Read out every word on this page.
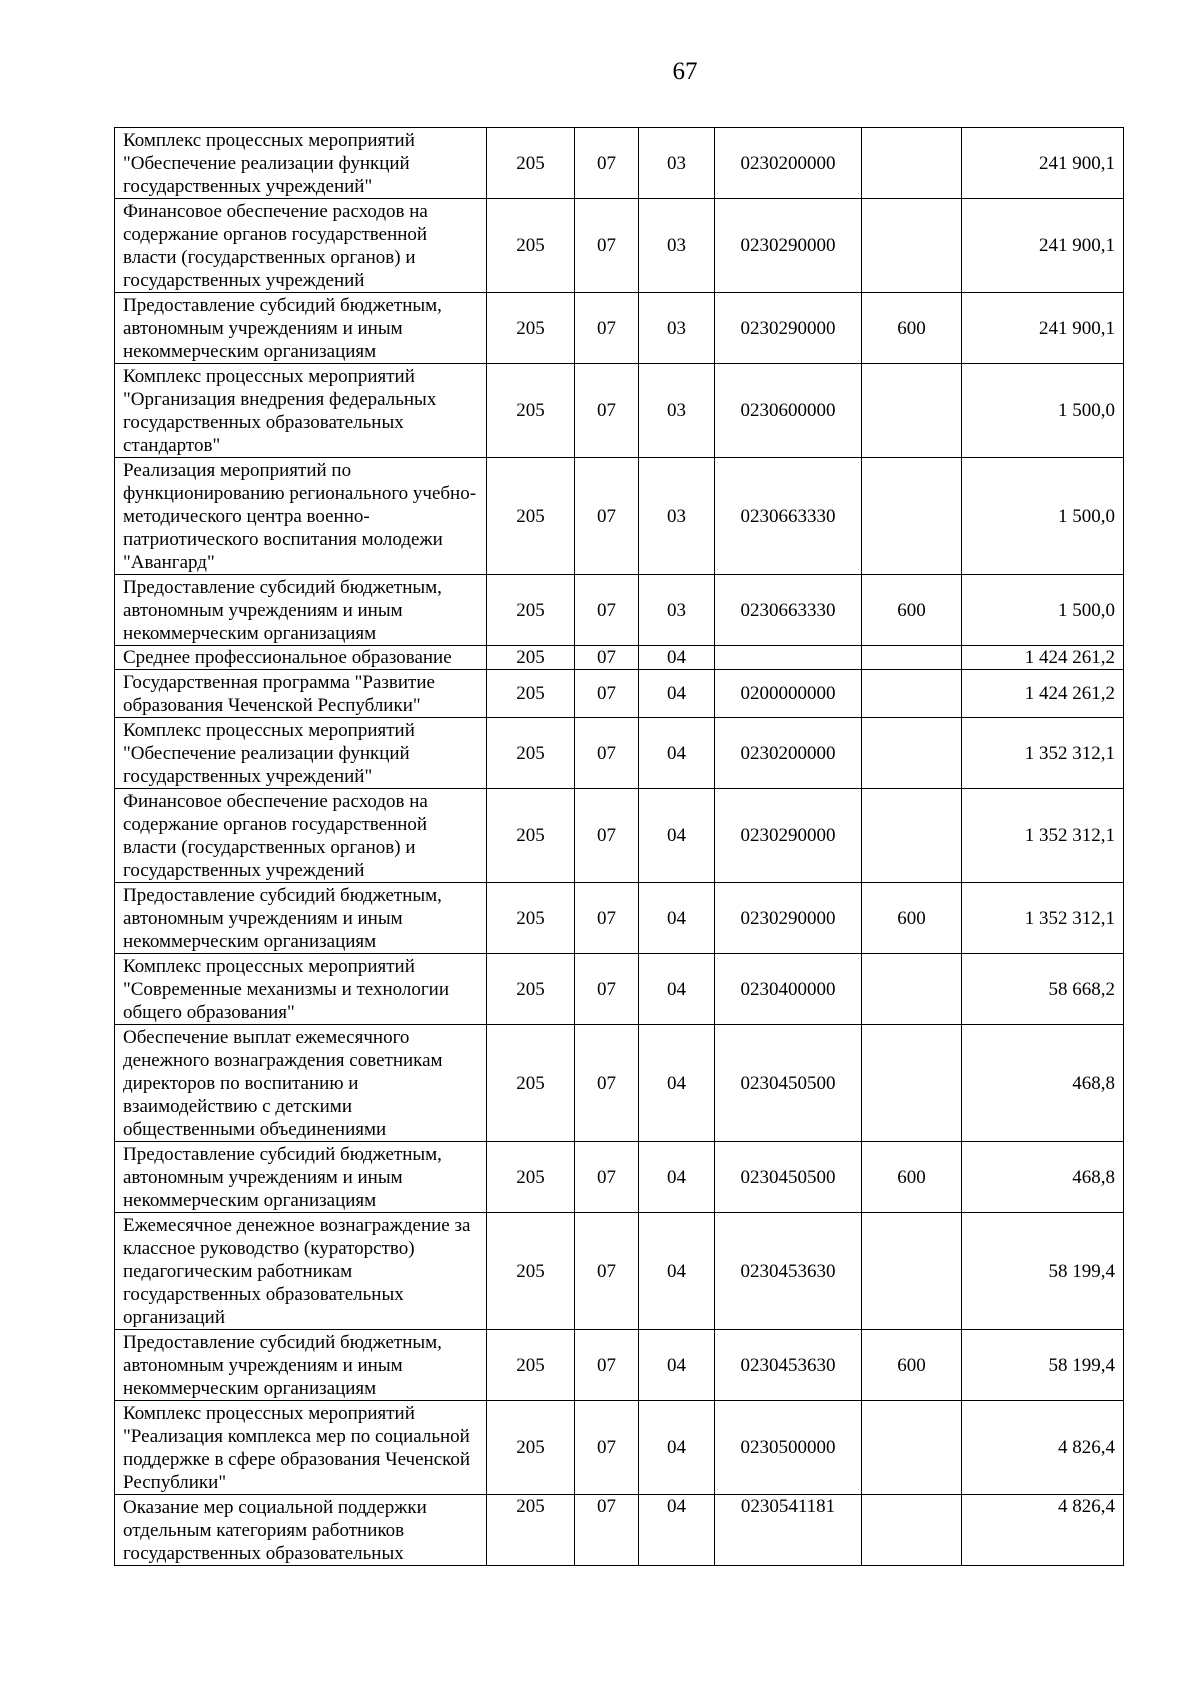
67
Комплекс процессных мероприятий "Обеспечение реализации функций государственных учреждений"	205	07	03	0230200000		241 900,1
Финансовое обеспечение расходов на содержание органов государственной власти (государственных органов) и государственных учреждений	205	07	03	0230290000		241 900,1
Предоставление субсидий бюджетным, автономным учреждениям и иным некоммерческим организациям	205	07	03	0230290000	600	241 900,1
Комплекс процессных мероприятий "Организация внедрения федеральных государственных образовательных стандартов"	205	07	03	0230600000		1 500,0
Реализация мероприятий по функционированию регионального учебно-методического центра военно-патриотического воспитания молодежи "Авангард"	205	07	03	0230663330		1 500,0
Предоставление субсидий бюджетным, автономным учреждениям и иным некоммерческим организациям	205	07	03	0230663330	600	1 500,0
Среднее профессиональное образование	205	07	04			1 424 261,2
Государственная программа "Развитие образования Чеченской Республики"	205	07	04	0200000000		1 424 261,2
Комплекс процессных мероприятий "Обеспечение реализации функций государственных учреждений"	205	07	04	0230200000		1 352 312,1
Финансовое обеспечение расходов на содержание органов государственной власти (государственных органов) и государственных учреждений	205	07	04	0230290000		1 352 312,1
Предоставление субсидий бюджетным, автономным учреждениям и иным некоммерческим организациям	205	07	04	0230290000	600	1 352 312,1
Комплекс процессных мероприятий "Современные механизмы и технологии общего образования"	205	07	04	0230400000		58 668,2
Обеспечение выплат ежемесячного денежного вознаграждения советникам директоров по воспитанию и взаимодействию с детскими общественными объединениями	205	07	04	0230450500		468,8
Предоставление субсидий бюджетным, автономным учреждениям и иным некоммерческим организациям	205	07	04	0230450500	600	468,8
Ежемесячное денежное вознаграждение за классное руководство (кураторство) педагогическим работникам государственных образовательных организаций	205	07	04	0230453630		58 199,4
Предоставление субсидий бюджетным, автономным учреждениям и иным некоммерческим организациям	205	07	04	0230453630	600	58 199,4
Комплекс процессных мероприятий "Реализация комплекса мер по социальной поддержке в сфере образования Чеченской Республики"	205	07	04	0230500000		4 826,4
Оказание мер социальной поддержки отдельным категориям работников государственных образовательных	205	07	04	0230541181		4 826,4
